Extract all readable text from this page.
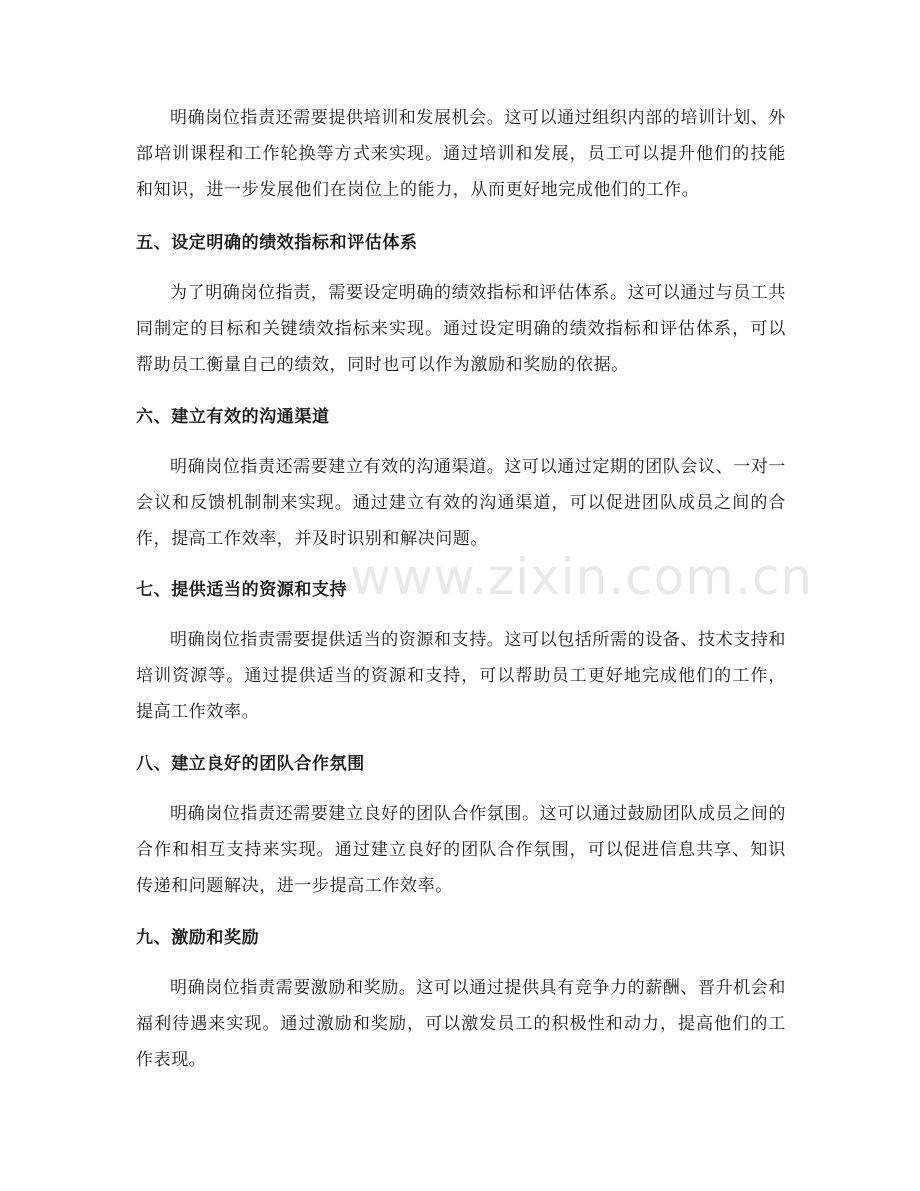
明确岗位指责还需要提供培训和发展机会。这可以通过组织内部的培训计划、外部培训课程和工作轮换等方式来实现。通过培训和发展，员工可以提升他们的技能和知识，进一步发展他们在岗位上的能力，从而更好地完成他们的工作。

五、设定明确的绩效指标和评估体系

为了明确岗位指责，需要设定明确的绩效指标和评估体系。这可以通过与员工共同制定的目标和关键绩效指标来实现。通过设定明确的绩效指标和评估体系，可以帮助员工衡量自己的绩效，同时也可以作为激励和奖励的依据。

六、建立有效的沟通渠道

明确岗位指责还需要建立有效的沟通渠道。这可以通过定期的团队会议、一对一会议和反馈机制制来实现。通过建立有效的沟通渠道，可以促进团队成员之间的合作，提高工作效率，并及时识别和解决问题。

七、提供适当的资源和支持

明确岗位指责需要提供适当的资源和支持。这可以包括所需的设备、技术支持和培训资源等。通过提供适当的资源和支持，可以帮助员工更好地完成他们的工作，提高工作效率。

八、建立良好的团队合作氛围

明确岗位指责还需要建立良好的团队合作氛围。这可以通过鼓励团队成员之间的合作和相互支持来实现。通过建立良好的团队合作氛围，可以促进信息共享、知识传递和问题解决，进一步提高工作效率。

九、激励和奖励

明确岗位指责需要激励和奖励。这可以通过提供具有竞争力的薪酬、晋升机会和福利待遇来实现。通过激励和奖励，可以激发员工的积极性和动力，提高他们的工作表现。

www.zixin.com.cn
